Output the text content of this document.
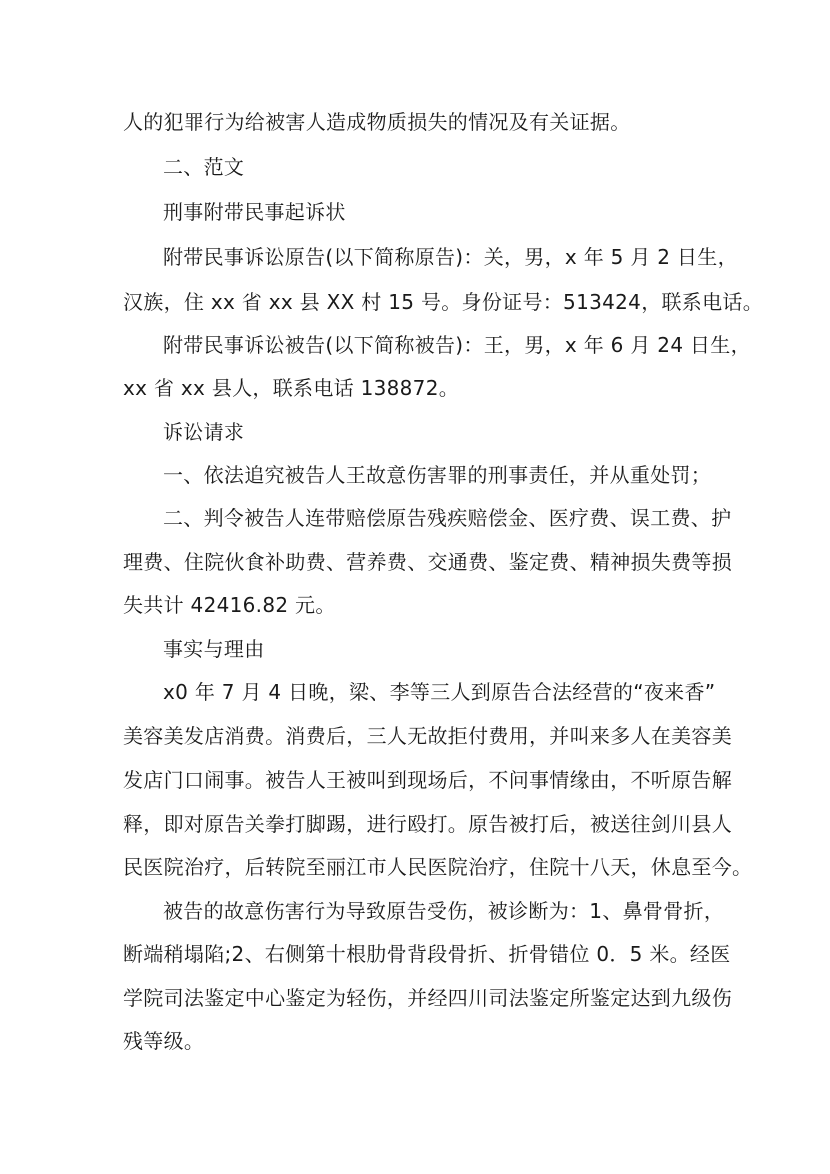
人的犯罪行为给被害人造成物质损失的情况及有关证据。
二、范文
刑事附带民事起诉状
附带民事诉讼原告(以下简称原告)：关，男，x 年 5 月 2 日生，
汉族，住 xx 省 xx 县 XX 村 15 号。身份证号：513424，联系电话。
附带民事诉讼被告(以下简称被告)：王，男，x 年 6 月 24 日生，
xx 省 xx 县人，联系电话 138872。
诉讼请求
一、依法追究被告人王故意伤害罪的刑事责任，并从重处罚；
二、判令被告人连带赔偿原告残疾赔偿金、医疗费、误工费、护
理费、住院伙食补助费、营养费、交通费、鉴定费、精神损失费等损
失共计 42416.82 元。
事实与理由
x0 年 7 月 4 日晚，梁、李等三人到原告合法经营的“夜来香”
美容美发店消费。消费后，三人无故拒付费用，并叫来多人在美容美
发店门口闹事。被告人王被叫到现场后，不问事情缘由，不听原告解
释，即对原告关拳打脚踢，进行殴打。原告被打后，被送往剑川县人
民医院治疗，后转院至丽江市人民医院治疗，住院十八天，休息至今。
被告的故意伤害行为导致原告受伤，被诊断为：1、鼻骨骨折，
断端稍塌陷;2、右侧第十根肋骨背段骨折、折骨错位 0．5 米。经医
学院司法鉴定中心鉴定为轻伤，并经四川司法鉴定所鉴定达到九级伤
残等级。
